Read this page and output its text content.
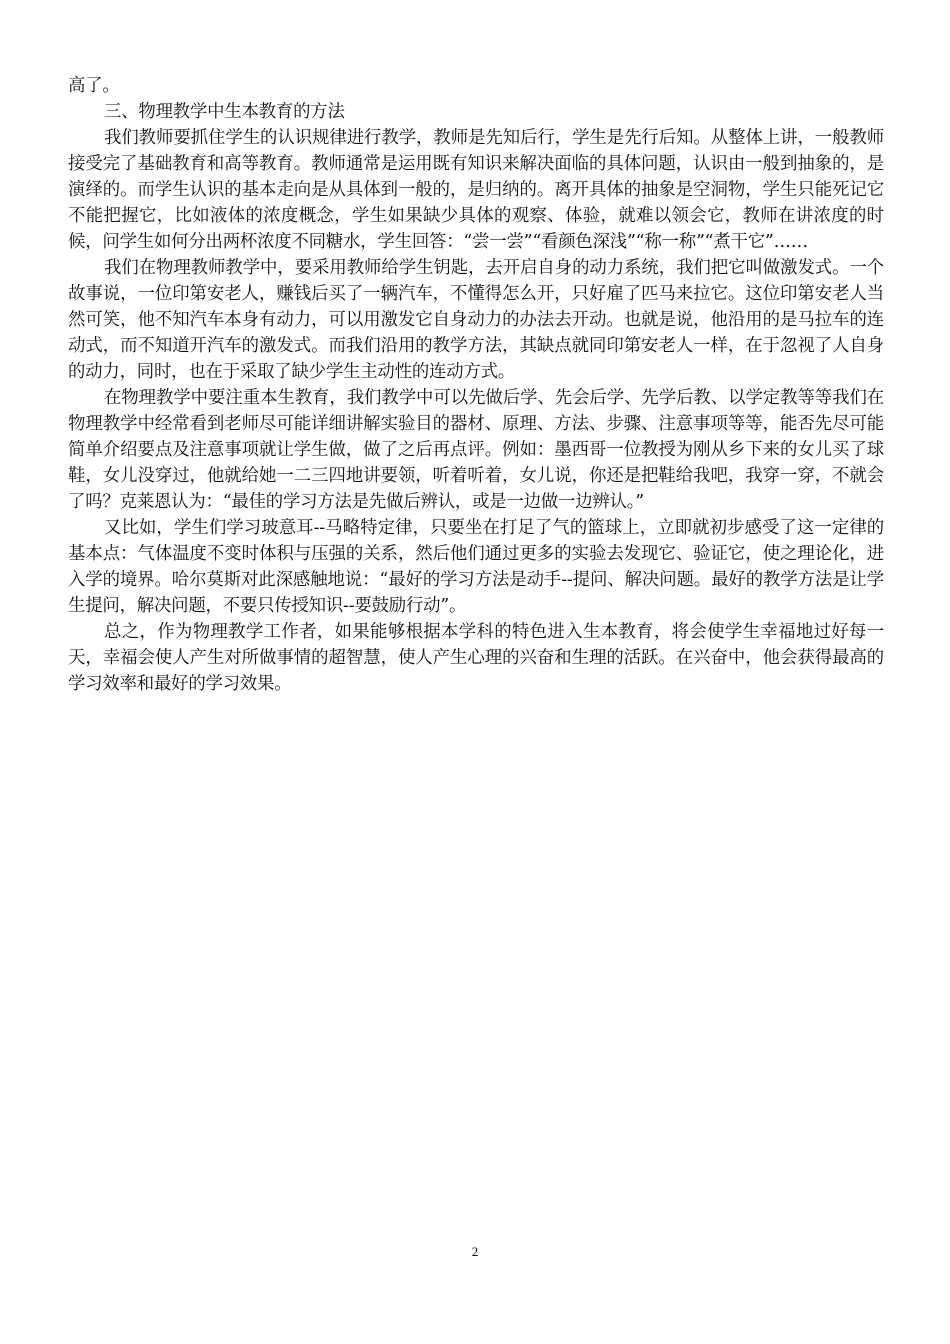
高了。

三、物理教学中生本教育的方法

我们教师要抓住学生的认识规律进行教学，教师是先知后行，学生是先行后知。从整体上讲，一般教师接受完了基础教育和高等教育。教师通常是运用既有知识来解决面临的具体问题，认识由一般到抽象的，是演绎的。而学生认识的基本走向是从具体到一般的，是归纳的。离开具体的抽象是空洞物，学生只能死记它不能把握它，比如液体的浓度概念，学生如果缺少具体的观察、体验，就难以领会它，教师在讲浓度的时候，问学生如何分出两杯浓度不同糖水，学生回答：“尝一尝”“看颜色深浅”“称一称”“煮干它”……

我们在物理教师教学中，要采用教师给学生钥匙，去开启自身的动力系统，我们把它叫做激发式。一个故事说，一位印第安老人，赚钱后买了一辆汽车，不懂得怎么开，只好雇了匹马来拉它。这位印第安老人当然可笑，他不知汽车本身有动力，可以用激发它自身动力的办法去开动。也就是说，他沿用的是马拉车的连动式，而不知道开汽车的激发式。而我们沿用的教学方法，其缺点就同印第安老人一样，在于忽视了人自身的动力，同时，也在于采取了缺少学生主动性的连动方式。

在物理教学中要注重本生教育，我们教学中可以先做后学、先会后学、先学后教、以学定教等等我们在物理教学中经常看到老师尽可能详细讲解实验目的器材、原理、方法、步骤、注意事项等等，能否先尽可能简单介绍要点及注意事项就让学生做，做了之后再点评。例如：墨西哥一位教授为刚从乡下来的女儿买了球鞋，女儿没穿过，他就给她一二三四地讲要领，听着听着，女儿说，你还是把鞋给我吧，我穿一穿，不就会了吗？克莱恩认为：“最佳的学习方法是先做后辨认，或是一边做一边辨认。”

又比如，学生们学习玻意耳--马略特定律，只要坐在打足了气的篮球上，立即就初步感受了这一定律的基本点：气体温度不变时体积与压强的关系，然后他们通过更多的实验去发现它、验证它，使之理论化，进入学的境界。哈尔莫斯对此深感触地说：“最好的学习方法是动手--提问、解决问题。最好的教学方法是让学生提问，解决问题，不要只传授知识--要鼓励行动”。

总之，作为物理教学工作者，如果能够根据本学科的特色进入生本教育，将会使学生幸福地过好每一天，幸福会使人产生对所做事情的超智慧，使人产生心理的兴奋和生理的活跃。在兴奋中，他会获得最高的学习效率和最好的学习效果。

2
